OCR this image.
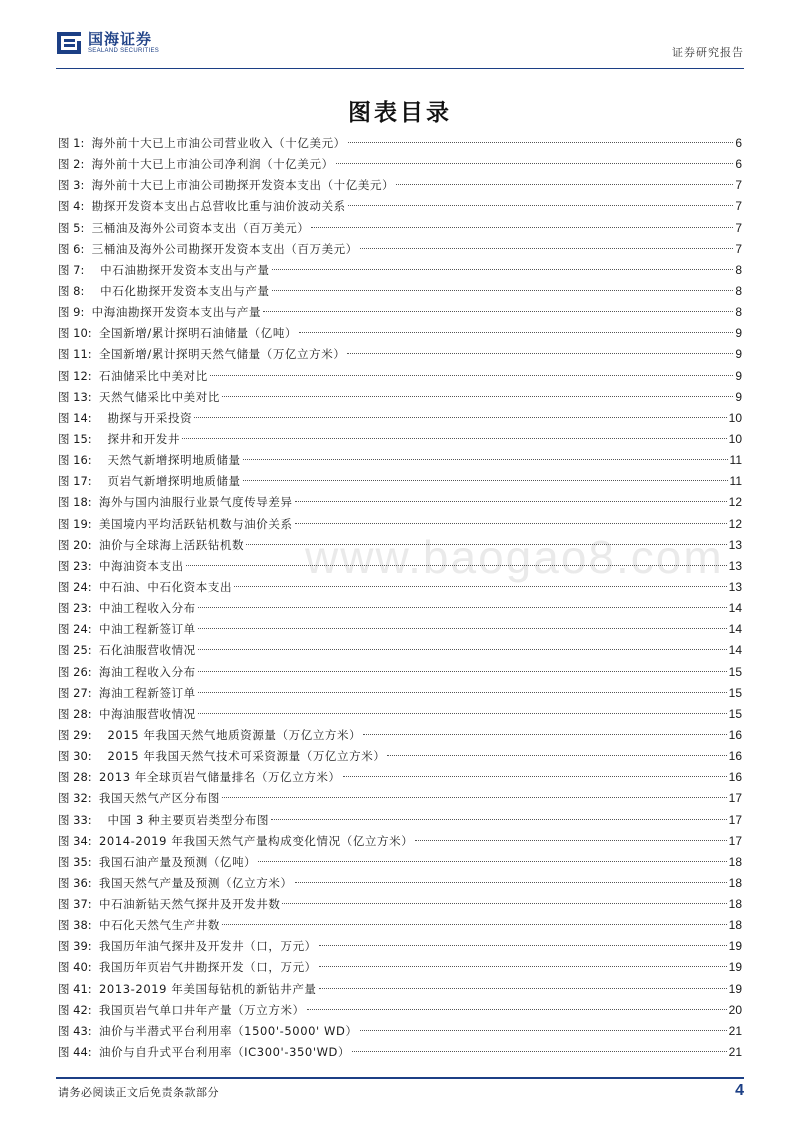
国海证券
SEALAND SECURITIES	证券研究报告
图表目录
www.baogao8.com
图 1: 海外前十大已上市油公司营业收入（十亿美元）	6
图 2: 海外前十大已上市油公司净利润（十亿美元）	6
图 3: 海外前十大已上市油公司勘探开发资本支出（十亿美元）	7
图 4: 勘探开发资本支出占总营收比重与油价波动关系	7
图 5: 三桶油及海外公司资本支出（百万美元）	7
图 6: 三桶油及海外公司勘探开发资本支出（百万美元）	7
图 7:    中石油勘探开发资本支出与产量	8
图 8:    中石化勘探开发资本支出与产量	8
图 9: 中海油勘探开发资本支出与产量	8
图 10: 全国新增/累计探明石油储量（亿吨）	9
图 11: 全国新增/累计探明天然气储量（万亿立方米）	9
图 12: 石油储采比中美对比	9
图 13: 天然气储采比中美对比	9
图 14:    勘探与开采投资	10
图 15:    探井和开发井	10
图 16:    天然气新增探明地质储量	11
图 17:    页岩气新增探明地质储量	11
图 18: 海外与国内油服行业景气度传导差异	12
图 19: 美国境内平均活跃钻机数与油价关系	12
图 20: 油价与全球海上活跃钻机数	13
图 23: 中海油资本支出	13
图 24: 中石油、中石化资本支出	13
图 23: 中油工程收入分布	14
图 24: 中油工程新签订单	14
图 25: 石化油服营收情况	14
图 26: 海油工程收入分布	15
图 27: 海油工程新签订单	15
图 28: 中海油服营收情况	15
图 29:    2015 年我国天然气地质资源量（万亿立方米）	16
图 30:    2015 年我国天然气技术可采资源量（万亿立方米）	16
图 28: 2013 年全球页岩气储量排名（万亿立方米）	16
图 32: 我国天然气产区分布图	17
图 33:    中国 3 种主要页岩类型分布图	17
图 34: 2014-2019 年我国天然气产量构成变化情况（亿立方米）	17
图 35: 我国石油产量及预测（亿吨）	18
图 36: 我国天然气产量及预测（亿立方米）	18
图 37: 中石油新钻天然气探井及开发井数	18
图 38: 中石化天然气生产井数	18
图 39: 我国历年油气探井及开发井（口，万元）	19
图 40: 我国历年页岩气井勘探开发（口，万元）	19
图 41: 2013-2019 年美国每钻机的新钻井产量	19
图 42: 我国页岩气单口井年产量（万立方米）	20
图 43: 油价与半潜式平台利用率（1500'-5000' WD）	21
图 44: 油价与自升式平台利用率（IC300'-350'WD）	21
请务必阅读正文后免责条款部分	4
